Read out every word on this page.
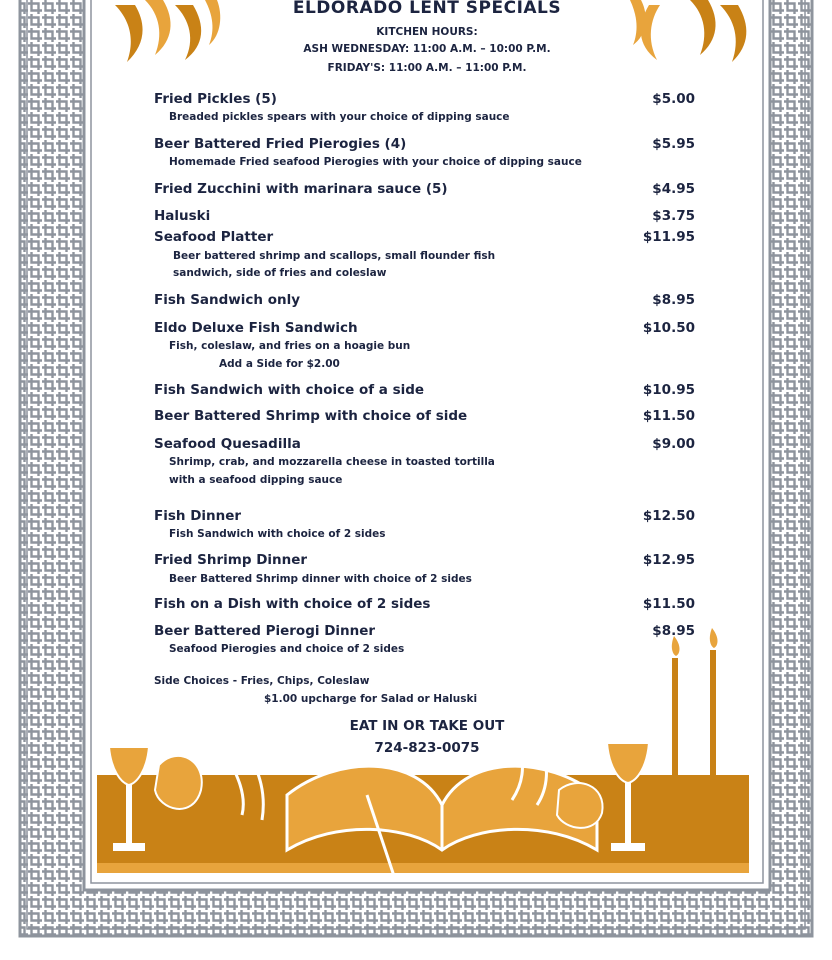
ELDORADO LENT SPECIALS
KITCHEN HOURS:
ASH WEDNESDAY: 11:00 A.M. – 10:00 P.M.
FRIDAY'S: 11:00 A.M. – 11:00 P.M.
Fried Pickles (5)	$5.00
Breaded pickles spears with your choice of dipping sauce
Beer Battered Fried Pierogies (4)	$5.95
Homemade Fried seafood Pierogies with your choice of dipping sauce
Fried Zucchini with marinara sauce (5)	$4.95
Haluski	$3.75
Seafood Platter	$11.95
Beer battered shrimp and scallops, small flounder fish
sandwich, side of fries and coleslaw
Fish Sandwich only	$8.95
Eldo Deluxe Fish Sandwich	$10.50
Fish, coleslaw, and fries on a hoagie bun
Add a Side for $2.00
Fish Sandwich with choice of a side	$10.95
Beer Battered Shrimp with choice of side	$11.50
Seafood Quesadilla	$9.00
Shrimp, crab, and mozzarella cheese in toasted tortilla
with a seafood dipping sauce
Fish Dinner	$12.50
Fish Sandwich with choice of 2 sides
Fried Shrimp Dinner	$12.95
Beer Battered Shrimp dinner with choice of 2 sides
Fish on a Dish with choice of 2 sides	$11.50
Beer Battered Pierogi Dinner	$8.95
Seafood Pierogies and choice of 2 sides
Side Choices - Fries, Chips, Coleslaw
$1.00 upcharge for Salad or Haluski
EAT IN OR TAKE OUT
724-823-0075
